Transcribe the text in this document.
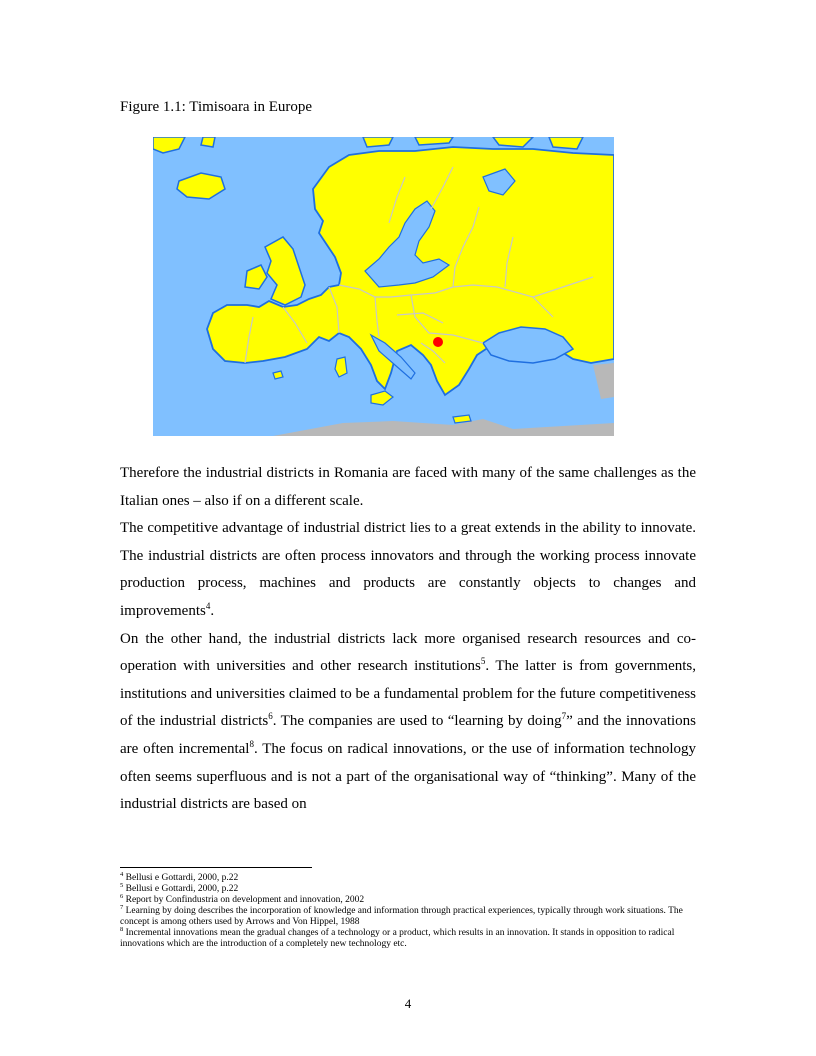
Figure 1.1: Timisoara in Europe

Therefore the industrial districts in Romania are faced with many of the same challenges as the Italian ones – also if on a different scale.

The competitive advantage of industrial district lies to a great extends in the ability to innovate. The industrial districts are often process innovators and through the working process innovate production process, machines and products are constantly objects to changes and improvements$^4$.

On the other hand, the industrial districts lack more organised research resources and co-operation with universities and other research institutions$^5$. The latter is from governments, institutions and universities claimed to be a fundamental problem for the future competitiveness of the industrial districts$^6$. The companies are used to “learning by doing$^7$” and the innovations are often incremental$^8$. The focus on radical innovations, or the use of information technology often seems superfluous and is not a part of the organisational way of “thinking”. Many of the industrial districts are based on

$^4$ Bellusi e Gottardi, 2000, p.22

$^5$ Bellusi e Gottardi, 2000, p.22

$^6$ Report by Confindustria on development and innovation, 2002

$^7$ Learning by doing describes the incorporation of knowledge and information through practical experiences, typically through work situations. The concept is among others used by Arrows and Von Hippel, 1988

$^8$ Incremental innovations mean the gradual changes of a technology or a product, which results in an innovation. It stands in opposition to radical innovations which are the introduction of a completely new technology etc.

4
